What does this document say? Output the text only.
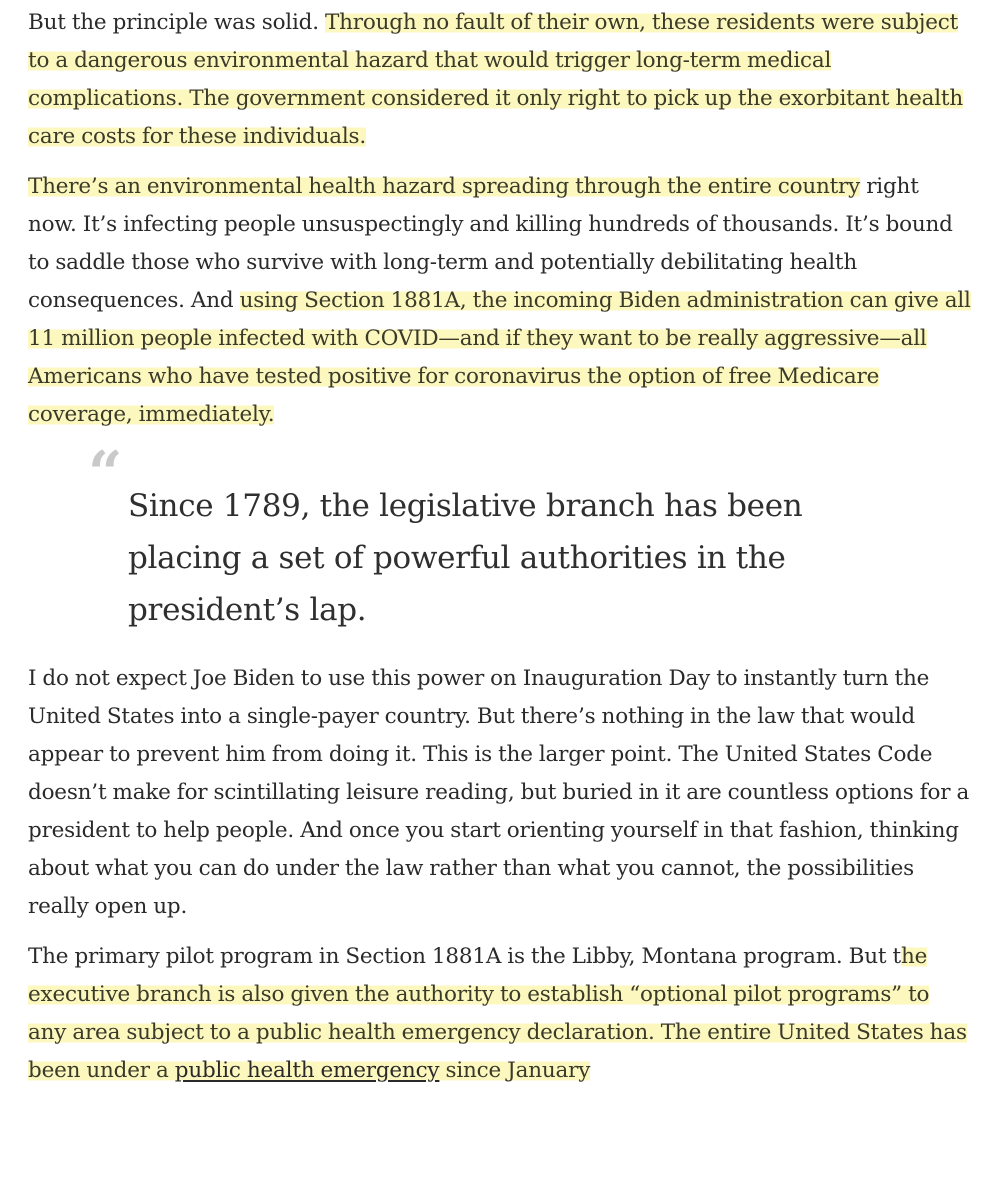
But the principle was solid. Through no fault of their own, these residents were subject to a dangerous environmental hazard that would trigger long-term medical complications. The government considered it only right to pick up the exorbitant health care costs for these individuals.

There’s an environmental health hazard spreading through the entire country right now. It’s infecting people unsuspectingly and killing hundreds of thousands. It’s bound to saddle those who survive with long-term and potentially debilitating health consequences. And using Section 1881A, the incoming Biden administration can give all 11 million people infected with COVID—and if they want to be really aggressive—all Americans who have tested positive for coronavirus the option of free Medicare coverage, immediately.

“ Since 1789, the legislative branch has been placing a set of powerful authorities in the president’s lap.

I do not expect Joe Biden to use this power on Inauguration Day to instantly turn the United States into a single-payer country. But there’s nothing in the law that would appear to prevent him from doing it. This is the larger point. The United States Code doesn’t make for scintillating leisure reading, but buried in it are countless options for a president to help people. And once you start orienting yourself in that fashion, thinking about what you can do under the law rather than what you cannot, the possibilities really open up.

The primary pilot program in Section 1881A is the Libby, Montana program. But the executive branch is also given the authority to establish “optional pilot programs” to any area subject to a public health emergency declaration. The entire United States has been under a public health emergency since January
